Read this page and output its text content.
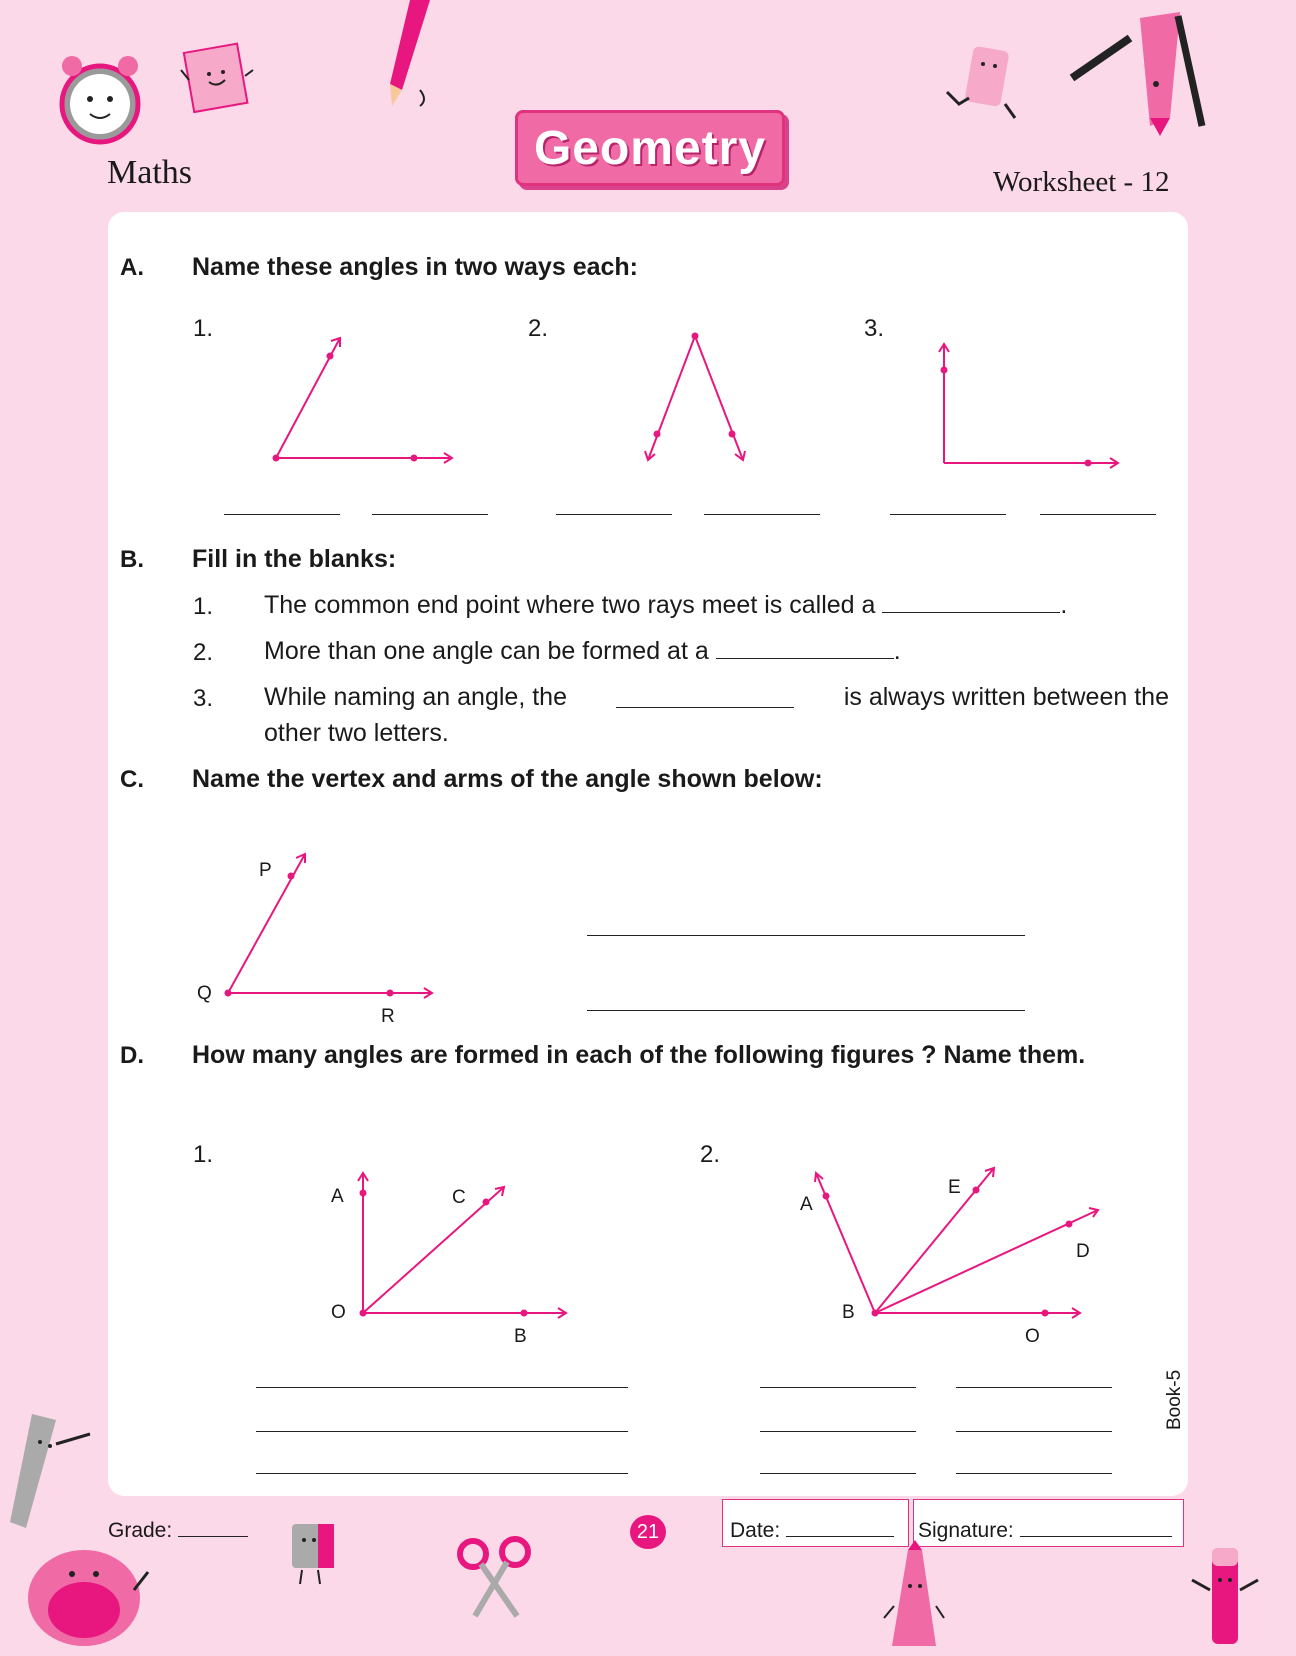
Maths	Geometry
Worksheet - 12
A. Name these angles in two ways each:
1.	2.	3.
B. Fill in the blanks:
1. The common end point where two rays meet is called a	.
2. More than one angle can be formed at a	.
3. While naming an angle, the	is always written between the
other two letters.
C. Name the vertex and arms of the angle shown below:
P
Q
R
D. How many angles are formed in each of the following figures ? Name them.
1.	2.
A	C
O
B
A
E
D
B
O
Book-5
Grade:	21	Date:	Signature:
